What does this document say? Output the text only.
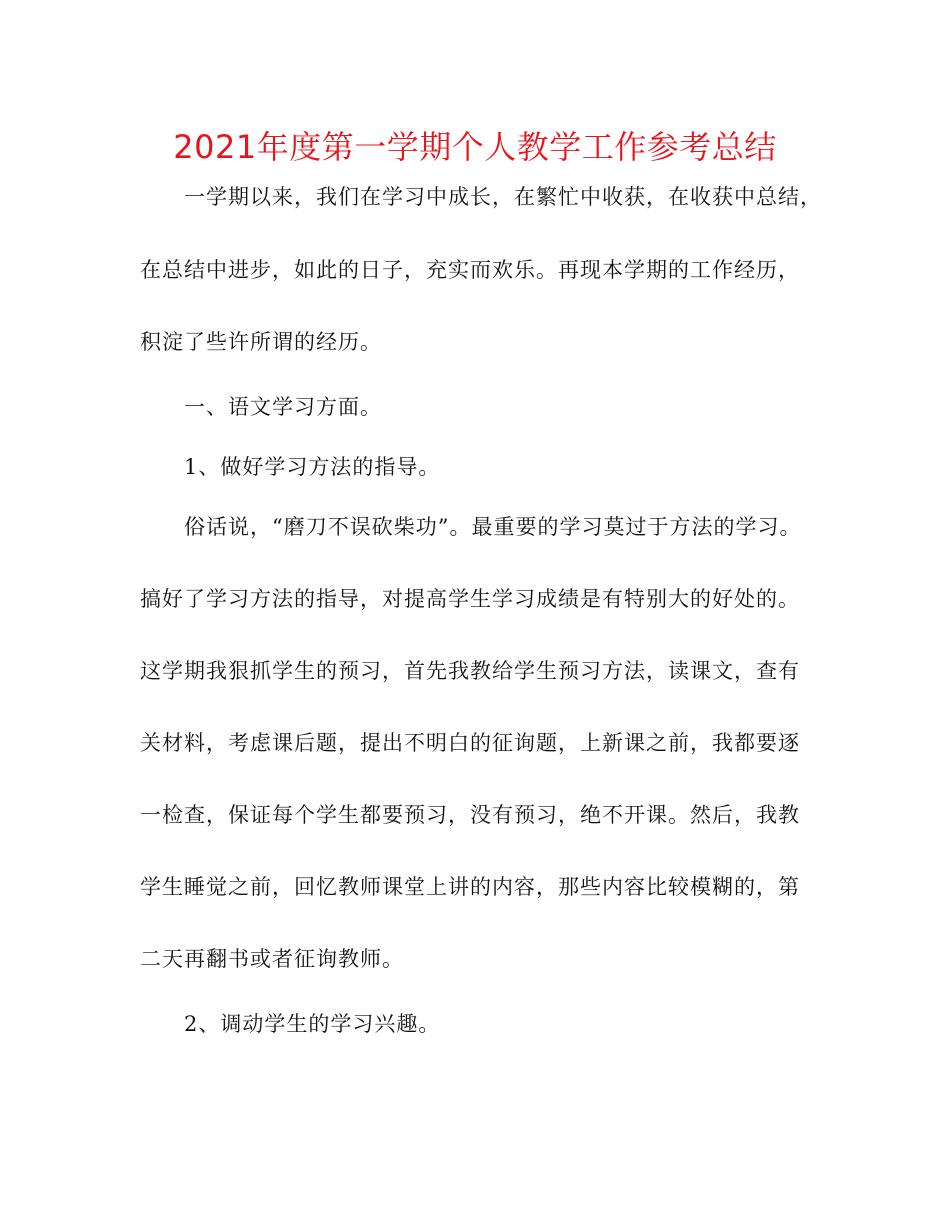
2021年度第一学期个人教学工作参考总结
一学期以来，我们在学习中成长，在繁忙中收获，在收获中总结，
在总结中进步，如此的日子，充实而欢乐。再现本学期的工作经历，
积淀了些许所谓的经历。
一、语文学习方面。
1、做好学习方法的指导。
俗话说，“磨刀不误砍柴功”。最重要的学习莫过于方法的学习。
搞好了学习方法的指导，对提高学生学习成绩是有特别大的好处的。
这学期我狠抓学生的预习，首先我教给学生预习方法，读课文，查有
关材料，考虑课后题，提出不明白的征询题，上新课之前，我都要逐
一检查，保证每个学生都要预习，没有预习，绝不开课。然后，我教
学生睡觉之前，回忆教师课堂上讲的内容，那些内容比较模糊的，第
二天再翻书或者征询教师。
2、调动学生的学习兴趣。
